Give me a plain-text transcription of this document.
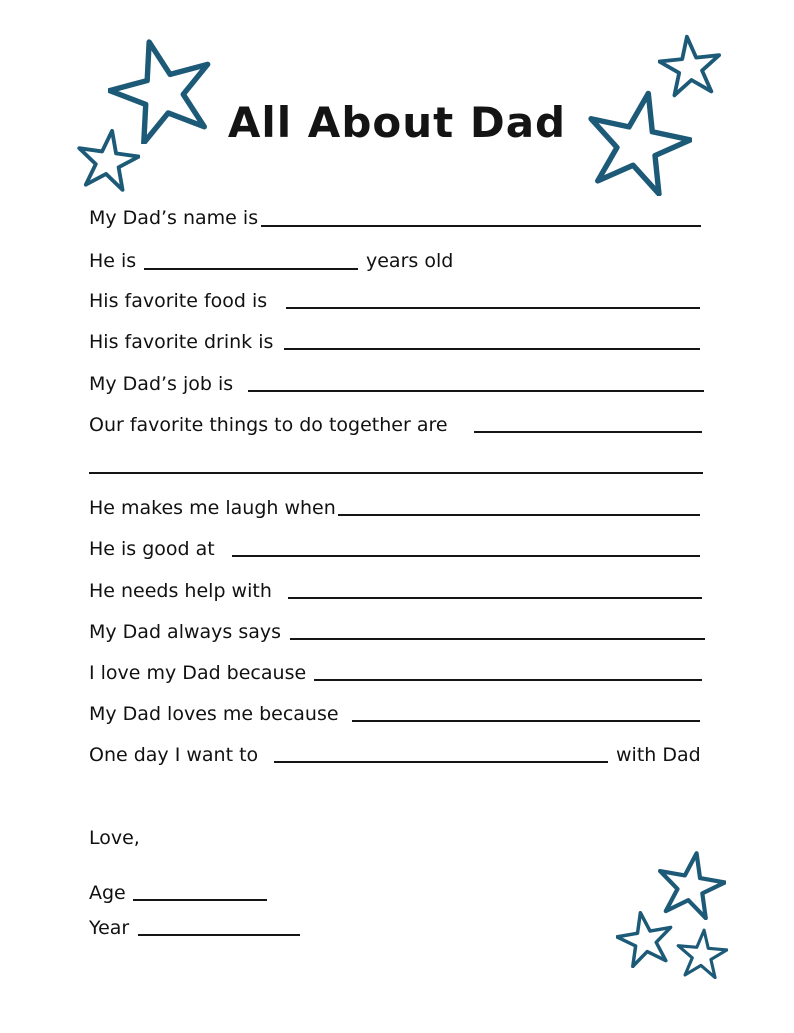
All About Dad
My Dad’s name is
He is	years old
His favorite food is
His favorite drink is
My Dad’s job is
Our favorite things to do together are
He makes me laugh when
He is good at
He needs help with
My Dad always says
I love my Dad because
My Dad loves me because
One day I want to	with Dad
Love,
Age
Year
